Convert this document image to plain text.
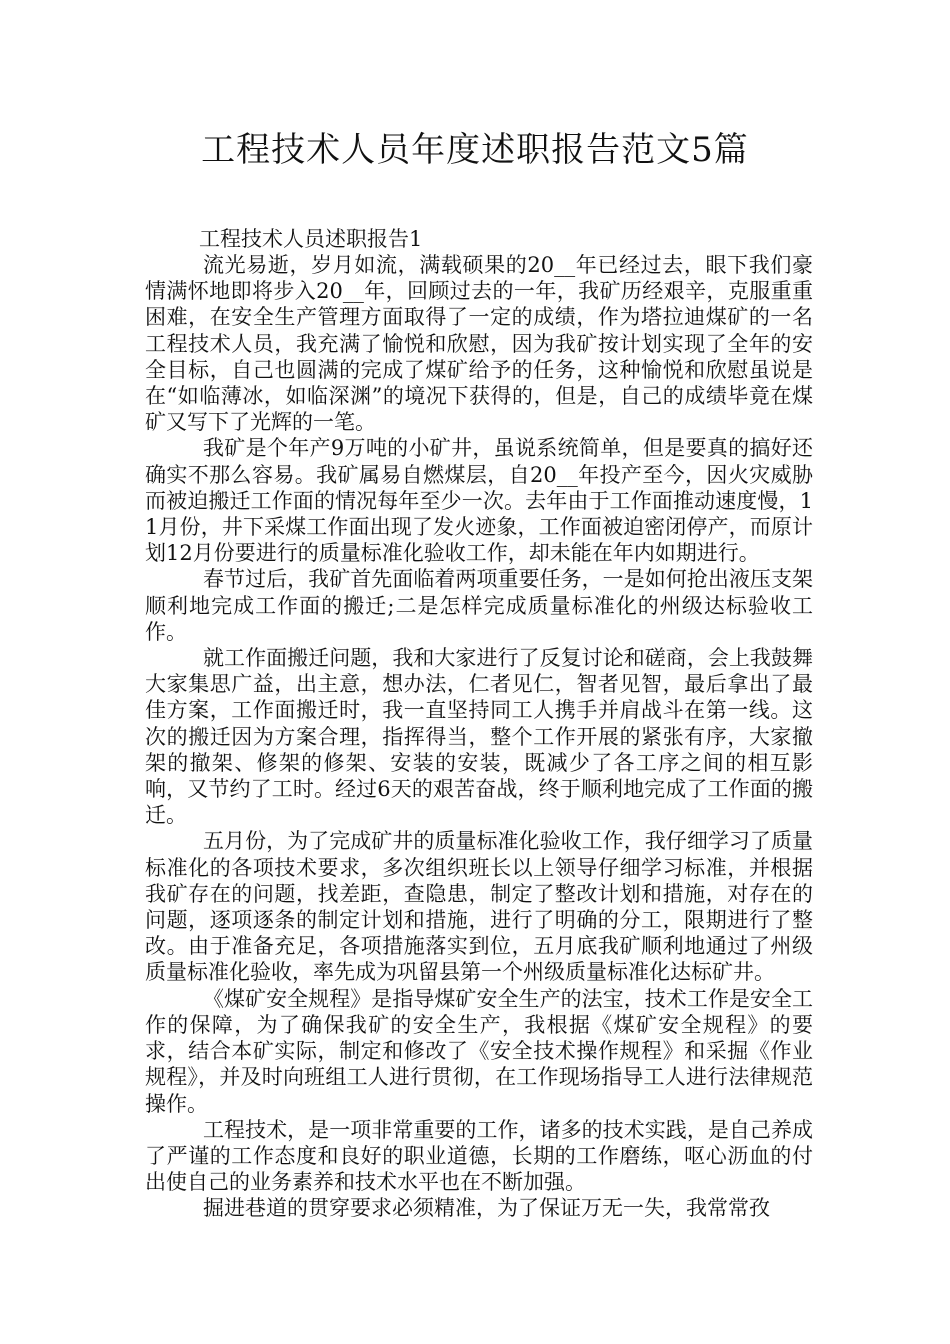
工程技术人员年度述职报告范文5篇

工程技术人员述职报告1

流光易逝，岁月如流，满载硕果的20__年已经过去，眼下我们豪情满怀地即将步入20__年，回顾过去的一年，我矿历经艰辛，克服重重困难，在安全生产管理方面取得了一定的成绩，作为塔拉迪煤矿的一名工程技术人员，我充满了愉悦和欣慰，因为我矿按计划实现了全年的安全目标，自己也圆满的完成了煤矿给予的任务，这种愉悦和欣慰虽说是在“如临薄冰，如临深渊”的境况下获得的，但是，自己的成绩毕竟在煤矿又写下了光辉的一笔。

我矿是个年产9万吨的小矿井，虽说系统简单，但是要真的搞好还确实不那么容易。我矿属易自燃煤层，自20__年投产至今，因火灾威胁而被迫搬迁工作面的情况每年至少一次。去年由于工作面推动速度慢，11月份，井下采煤工作面出现了发火迹象，工作面被迫密闭停产，而原计划12月份要进行的质量标准化验收工作，却未能在年内如期进行。

春节过后，我矿首先面临着两项重要任务，一是如何抢出液压支架顺利地完成工作面的搬迁;二是怎样完成质量标准化的州级达标验收工作。

就工作面搬迁问题，我和大家进行了反复讨论和磋商，会上我鼓舞大家集思广益，出主意，想办法，仁者见仁，智者见智，最后拿出了最佳方案，工作面搬迁时，我一直坚持同工人携手并肩战斗在第一线。这次的搬迁因为方案合理，指挥得当，整个工作开展的紧张有序，大家撤架的撤架、修架的修架、安装的安装，既减少了各工序之间的相互影响，又节约了工时。经过6天的艰苦奋战，终于顺利地完成了工作面的搬迁。

五月份，为了完成矿井的质量标准化验收工作，我仔细学习了质量标准化的各项技术要求，多次组织班长以上领导仔细学习标准，并根据我矿存在的问题，找差距，查隐患，制定了整改计划和措施，对存在的问题，逐项逐条的制定计划和措施，进行了明确的分工，限期进行了整改。由于准备充足，各项措施落实到位，五月底我矿顺利地通过了州级质量标准化验收，率先成为巩留县第一个州级质量标准化达标矿井。

《煤矿安全规程》是指导煤矿安全生产的法宝，技术工作是安全工作的保障，为了确保我矿的安全生产，我根据《煤矿安全规程》的要求，结合本矿实际，制定和修改了《安全技术操作规程》和采掘《作业规程》，并及时向班组工人进行贯彻，在工作现场指导工人进行法律规范操作。

工程技术，是一项非常重要的工作，诸多的技术实践，是自己养成了严谨的工作态度和良好的职业道德，长期的工作磨练，呕心沥血的付出使自己的业务素养和技术水平也在不断加强。

掘进巷道的贯穿要求必须精准，为了保证万无一失，我常常孜
